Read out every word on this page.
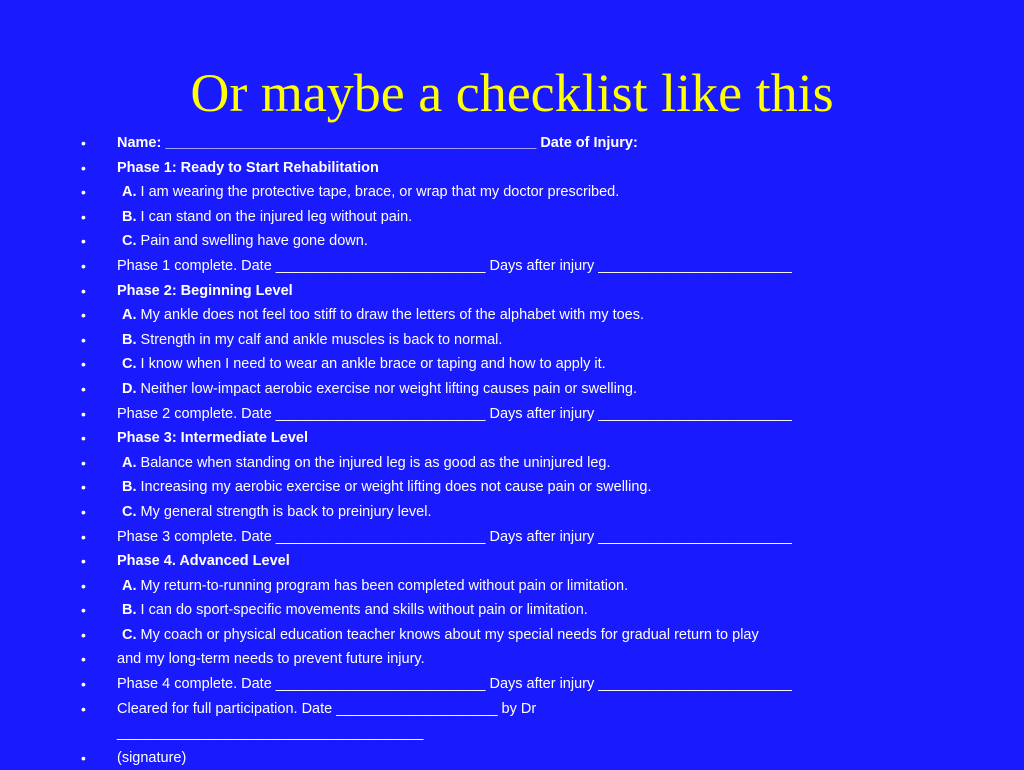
Or maybe a checklist like this
•	Name: ______________________________________________ Date of Injury:
•	Phase 1: Ready to Start Rehabilitation
•	A. I am wearing the protective tape, brace, or wrap that my doctor prescribed.
•	B. I can stand on the injured leg without pain.
•	C. Pain and swelling have gone down.
•	Phase 1 complete. Date __________________________ Days after injury ________________________
•	Phase 2: Beginning Level
•	A. My ankle does not feel too stiff to draw the letters of the alphabet with my toes.
•	B. Strength in my calf and ankle muscles is back to normal.
•	C. I know when I need to wear an ankle brace or taping and how to apply it.
•	D. Neither low-impact aerobic exercise nor weight lifting causes pain or swelling.
•	Phase 2 complete. Date __________________________ Days after injury ________________________
•	Phase 3: Intermediate Level
•	A. Balance when standing on the injured leg is as good as the uninjured leg.
•	B. Increasing my aerobic exercise or weight lifting does not cause pain or swelling.
•	C. My general strength is back to preinjury level.
•	Phase 3 complete. Date __________________________ Days after injury ________________________
•	Phase 4. Advanced Level
•	A. My return-to-running program has been completed without pain or limitation.
•	B. I can do sport-specific movements and skills without pain or limitation.
•	C. My coach or physical education teacher knows about my special needs for gradual return to play
•	and my long-term needs to prevent future injury.
•	Phase 4 complete. Date __________________________ Days after injury ________________________
•	Cleared for full participation. Date ____________________ by Dr ______________________________________
•	(signature)
